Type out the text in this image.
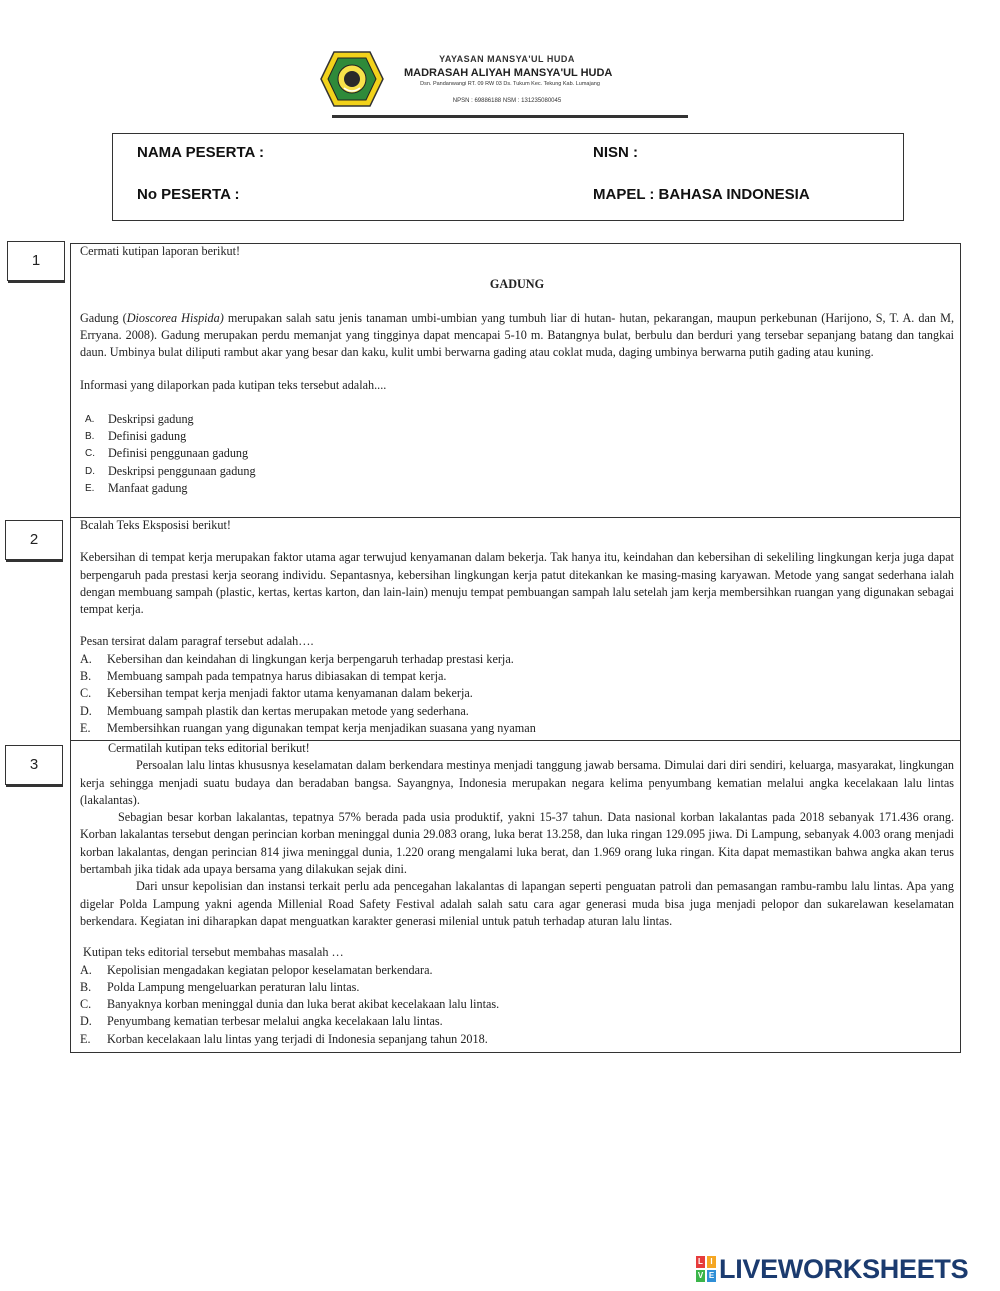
YAYASAN MANSYA'UL HUDA
MADRASAH ALIYAH MANSYA'UL HUDA
Dsn. Pandanwangi RT. 09 RW 03 Ds. Tukum Kec. Tekung Kab. Lumajang
NPSN : 69886188 NSM : 131235080045
NAMA PESERTA :	NISN :
No PESERTA :	MAPEL : BAHASA INDONESIA
1
2
3

Cermati kutipan laporan berikut!

GADUNG

Gadung (Dioscorea Hispida) merupakan salah satu jenis tanaman umbi-umbian yang tumbuh liar di hutan- hutan, pekarangan, maupun perkebunan (Harijono, S, T. A. dan M, Erryana. 2008). Gadung merupakan perdu memanjat yang tingginya dapat mencapai 5-10 m. Batangnya bulat, berbulu dan berduri yang tersebar sepanjang batang dan tangkai daun. Umbinya bulat diliputi rambut akar yang besar dan kaku, kulit umbi berwarna gading atau coklat muda, daging umbinya berwarna putih gading atau kuning.

Informasi yang dilaporkan pada kutipan teks tersebut adalah....

A.	Deskripsi gadung
B.	Definisi gadung
C.	Definisi penggunaan gadung
D.	Deskripsi penggunaan gadung
E.	Manfaat gadung

Bcalah Teks Eksposisi berikut!

Kebersihan di tempat kerja merupakan faktor utama agar terwujud kenyamanan dalam bekerja. Tak hanya itu, keindahan dan kebersihan di sekeliling lingkungan kerja juga dapat berpengaruh pada prestasi kerja seorang individu. Sepantasnya, kebersihan lingkungan kerja patut ditekankan ke masing-masing karyawan. Metode yang sangat sederhana ialah dengan membuang sampah (plastic, kertas, kertas karton, dan lain-lain) menuju tempat pembuangan sampah lalu setelah jam kerja membersihkan ruangan yang digunakan sebagai tempat kerja.

Pesan tersirat dalam paragraf tersebut adalah….

A.	Kebersihan dan keindahan di lingkungan kerja berpengaruh terhadap prestasi kerja.
B.	Membuang sampah pada tempatnya harus dibiasakan di tempat kerja.
C.	Kebersihan tempat kerja menjadi faktor utama kenyamanan dalam bekerja.
D.	Membuang sampah plastik dan kertas merupakan metode yang sederhana.
E.	Membersihkan ruangan yang digunakan tempat kerja menjadikan suasana yang nyaman

Cermatilah kutipan teks editorial berikut!

Persoalan lalu lintas khususnya keselamatan dalam berkendara mestinya menjadi tanggung jawab bersama. Dimulai dari diri sendiri, keluarga, masyarakat, lingkungan kerja sehingga menjadi suatu budaya dan beradaban bangsa. Sayangnya, Indonesia merupakan negara kelima penyumbang kematian melalui angka kecelakaan lalu lintas (lakalantas).

Sebagian besar korban lakalantas, tepatnya 57% berada pada usia produktif, yakni 15-37 tahun. Data nasional korban lakalantas pada 2018 sebanyak 171.436 orang. Korban lakalantas tersebut dengan perincian korban meninggal dunia 29.083 orang, luka berat 13.258, dan luka ringan 129.095 jiwa. Di Lampung, sebanyak 4.003 orang menjadi korban lakalantas, dengan perincian 814 jiwa meninggal dunia, 1.220 orang mengalami luka berat, dan 1.969 orang luka ringan. Kita dapat memastikan bahwa angka akan terus bertambah jika tidak ada upaya bersama yang dilakukan sejak dini.

Dari unsur kepolisian dan instansi terkait perlu ada pencegahan lakalantas di lapangan seperti penguatan patroli dan pemasangan rambu-rambu lalu lintas. Apa yang digelar Polda Lampung yakni agenda Millenial Road Safety Festival adalah salah satu cara agar generasi muda bisa juga menjadi pelopor dan sukarelawan keselamatan berkendara. Kegiatan ini diharapkan dapat menguatkan karakter generasi milenial untuk patuh terhadap aturan lalu lintas.

Kutipan teks editorial tersebut membahas masalah …

A.	Kepolisian mengadakan kegiatan pelopor keselamatan berkendara.
B.	Polda Lampung mengeluarkan peraturan lalu lintas.
C.	Banyaknya korban meninggal dunia dan luka berat akibat kecelakaan lalu lintas.
D.	Penyumbang kematian terbesar melalui angka kecelakaan lalu lintas.
E.	Korban kecelakaan lalu lintas yang terjadi di Indonesia sepanjang tahun 2018.
L I
V E LIVEWORKSHEETS
